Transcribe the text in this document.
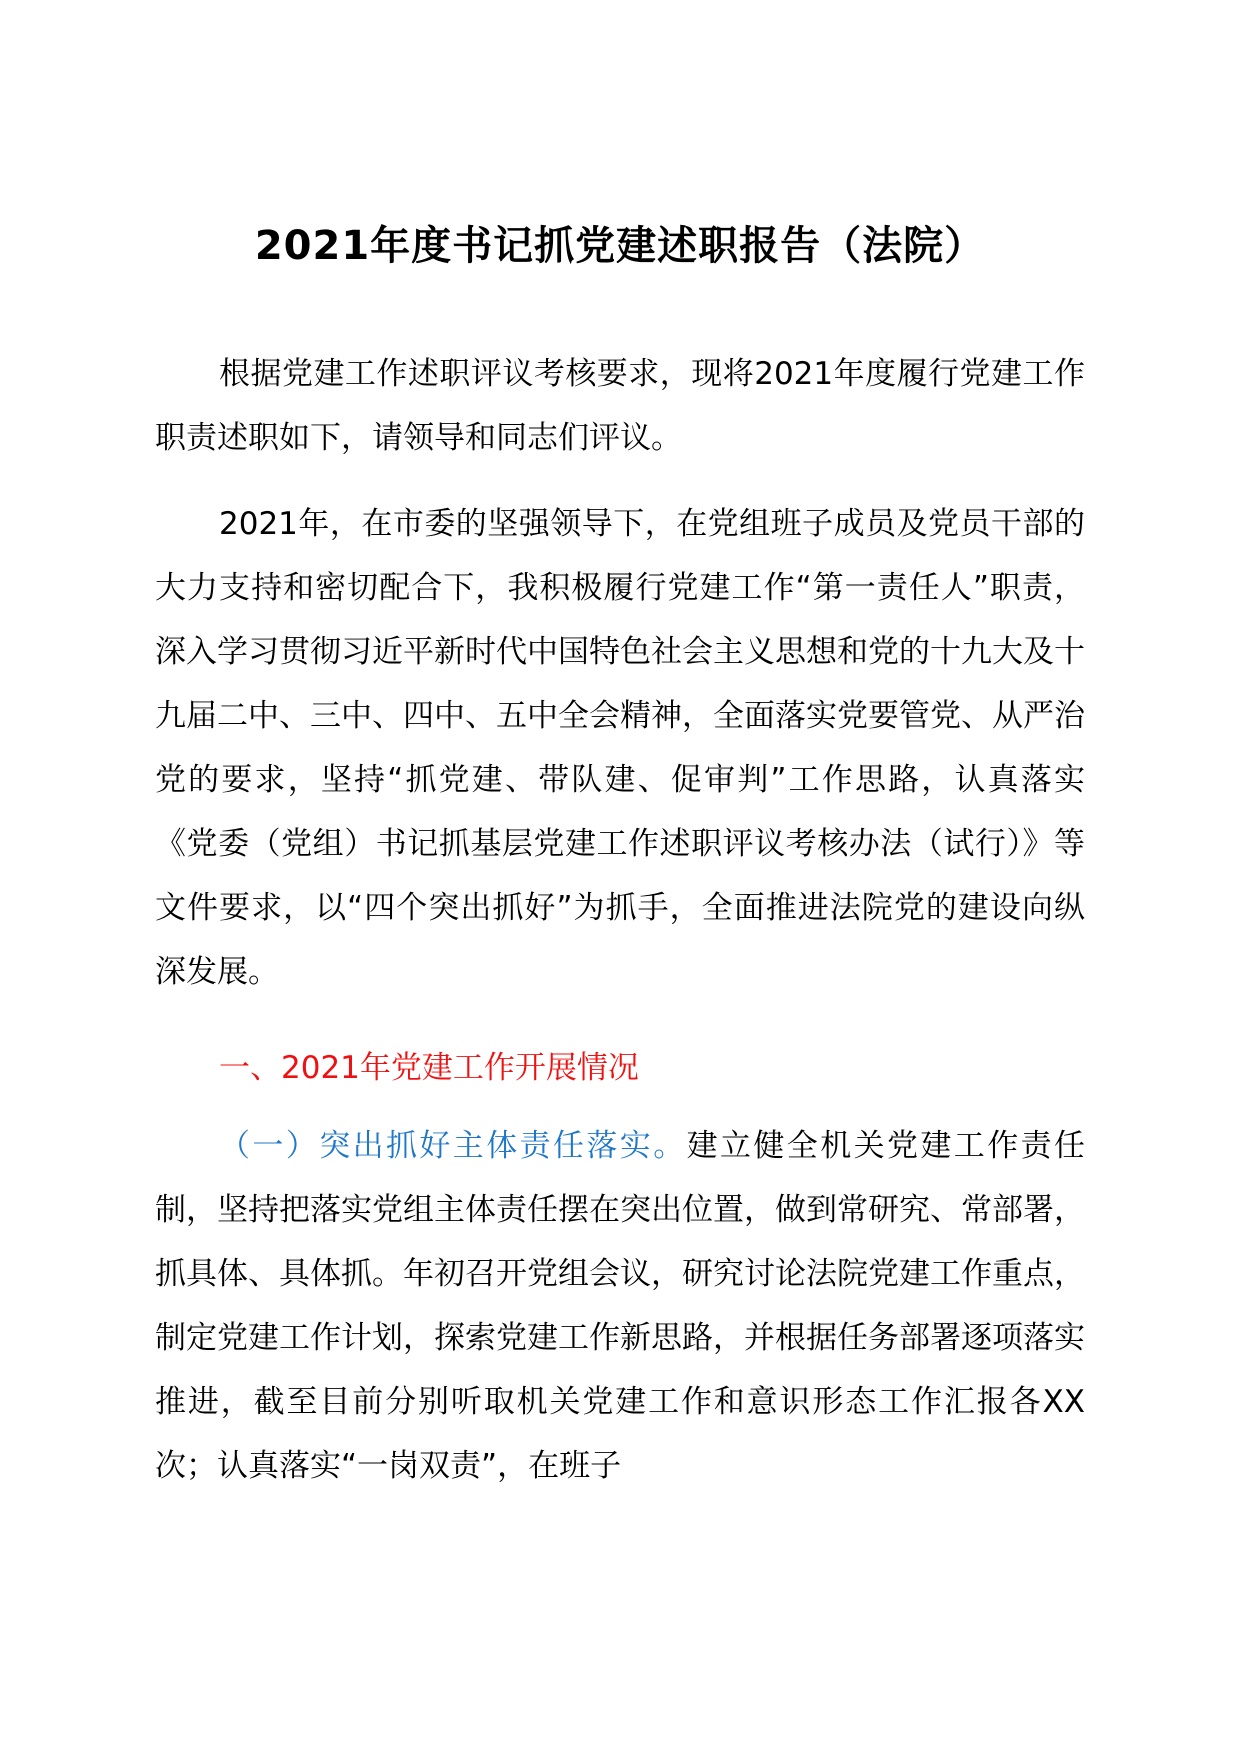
2021年度书记抓党建述职报告（法院）

根据党建工作述职评议考核要求，现将2021年度履行党建工作职责述职如下，请领导和同志们评议。

2021年，在市委的坚强领导下，在党组班子成员及党员干部的大力支持和密切配合下，我积极履行党建工作“第一责任人”职责，深入学习贯彻习近平新时代中国特色社会主义思想和党的十九大及十九届二中、三中、四中、五中全会精神，全面落实党要管党、从严治党的要求，坚持“抓党建、带队建、促审判”工作思路，认真落实《党委（党组）书记抓基层党建工作述职评议考核办法（试行）》等文件要求，以“四个突出抓好”为抓手，全面推进法院党的建设向纵深发展。

一、2021年党建工作开展情况

（一）突出抓好主体责任落实。建立健全机关党建工作责任制，坚持把落实党组主体责任摆在突出位置，做到常研究、常部署，抓具体、具体抓。年初召开党组会议，研究讨论法院党建工作重点，制定党建工作计划，探索党建工作新思路，并根据任务部署逐项落实推进，截至目前分别听取机关党建工作和意识形态工作汇报各XX次；认真落实“一岗双责”，在班子
